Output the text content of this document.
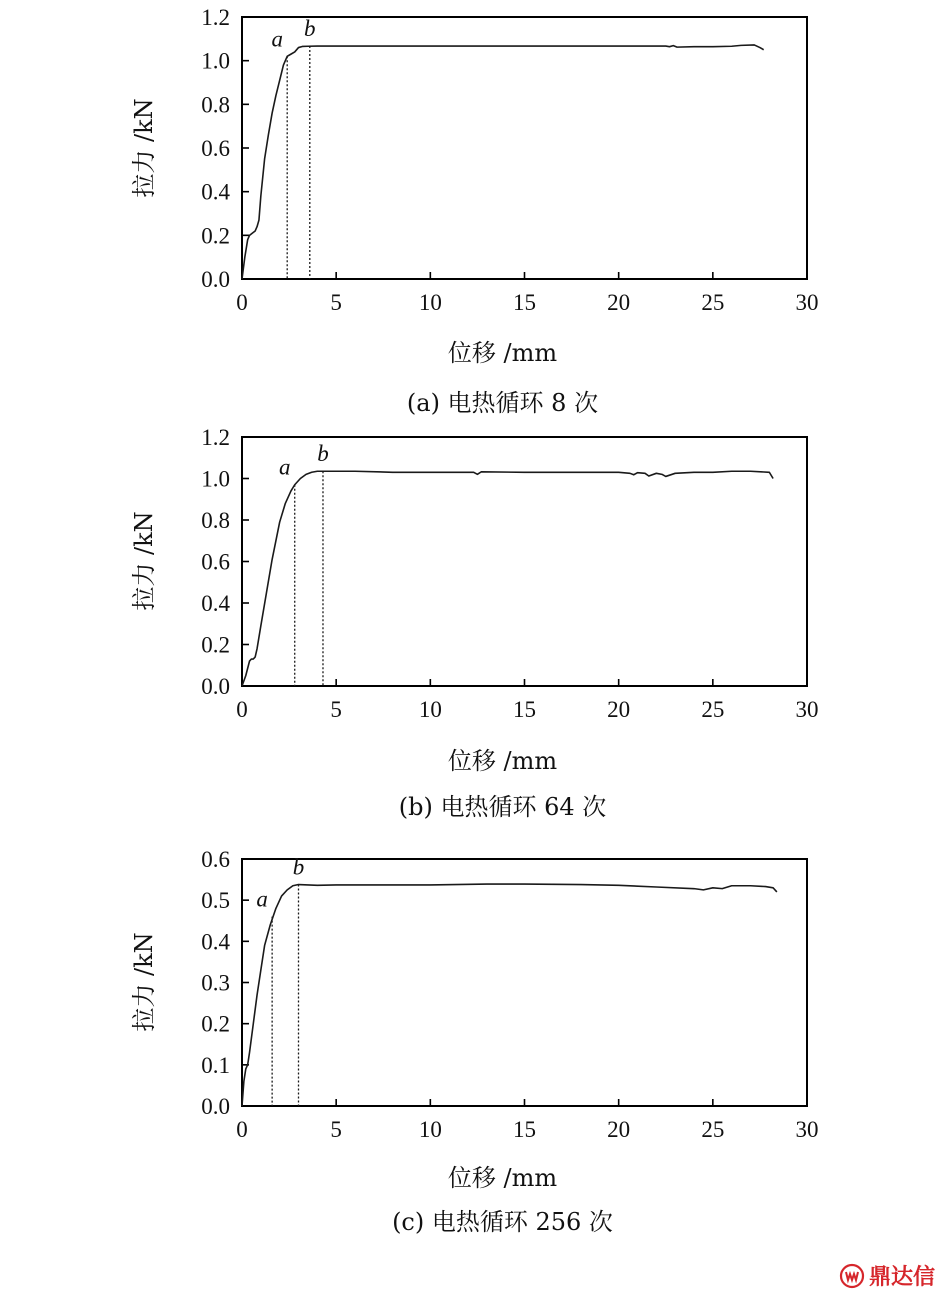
0	5	10	15	20	25	30
0.0
0.2
0.4
0.6
0.8
1.0
1.2
a b
拉力 /kN
位移 /mm
(a) 电热循环 8 次
0	5	10	15	20	25	30
0.0
0.2
0.4
0.6
0.8
1.0
1.2
a
b
拉力 /kN
位移 /mm
(b) 电热循环 64 次
0	5	10	15	20	25	30
0.0
0.1
0.2
0.3
0.4
0.5
0.6
a
b
拉力 /kN
位移 /mm
(c) 电热循环 256 次
鼎达信
